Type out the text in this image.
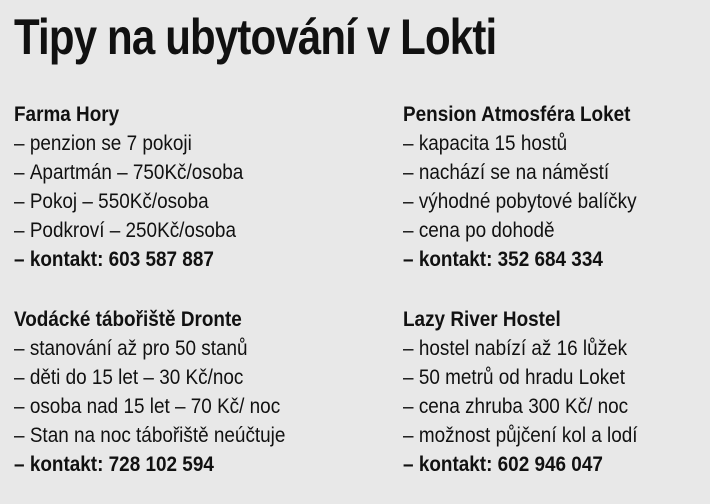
Tipy na ubytování v Lokti
Farma Hory
– penzion se 7 pokoji
– Apartmán – 750Kč/osoba
– Pokoj – 550Kč/osoba
– Podkroví – 250Kč/osoba
– kontakt: 603 587 887
Pension Atmosféra Loket
– kapacita 15 hostů
– nachází se na náměstí
– výhodné pobytové balíčky
– cena po dohodě
– kontakt: 352 684 334
Vodácké tábořiště Dronte
– stanování až pro 50 stanů
– děti do 15 let – 30 Kč/noc
– osoba nad 15 let – 70 Kč/ noc
– Stan na noc tábořiště neúčtuje
– kontakt: 728 102 594
Lazy River Hostel
– hostel nabízí až 16 lůžek
– 50 metrů od hradu Loket
– cena zhruba 300 Kč/ noc
– možnost půjčení kol a lodí
– kontakt: 602 946 047
